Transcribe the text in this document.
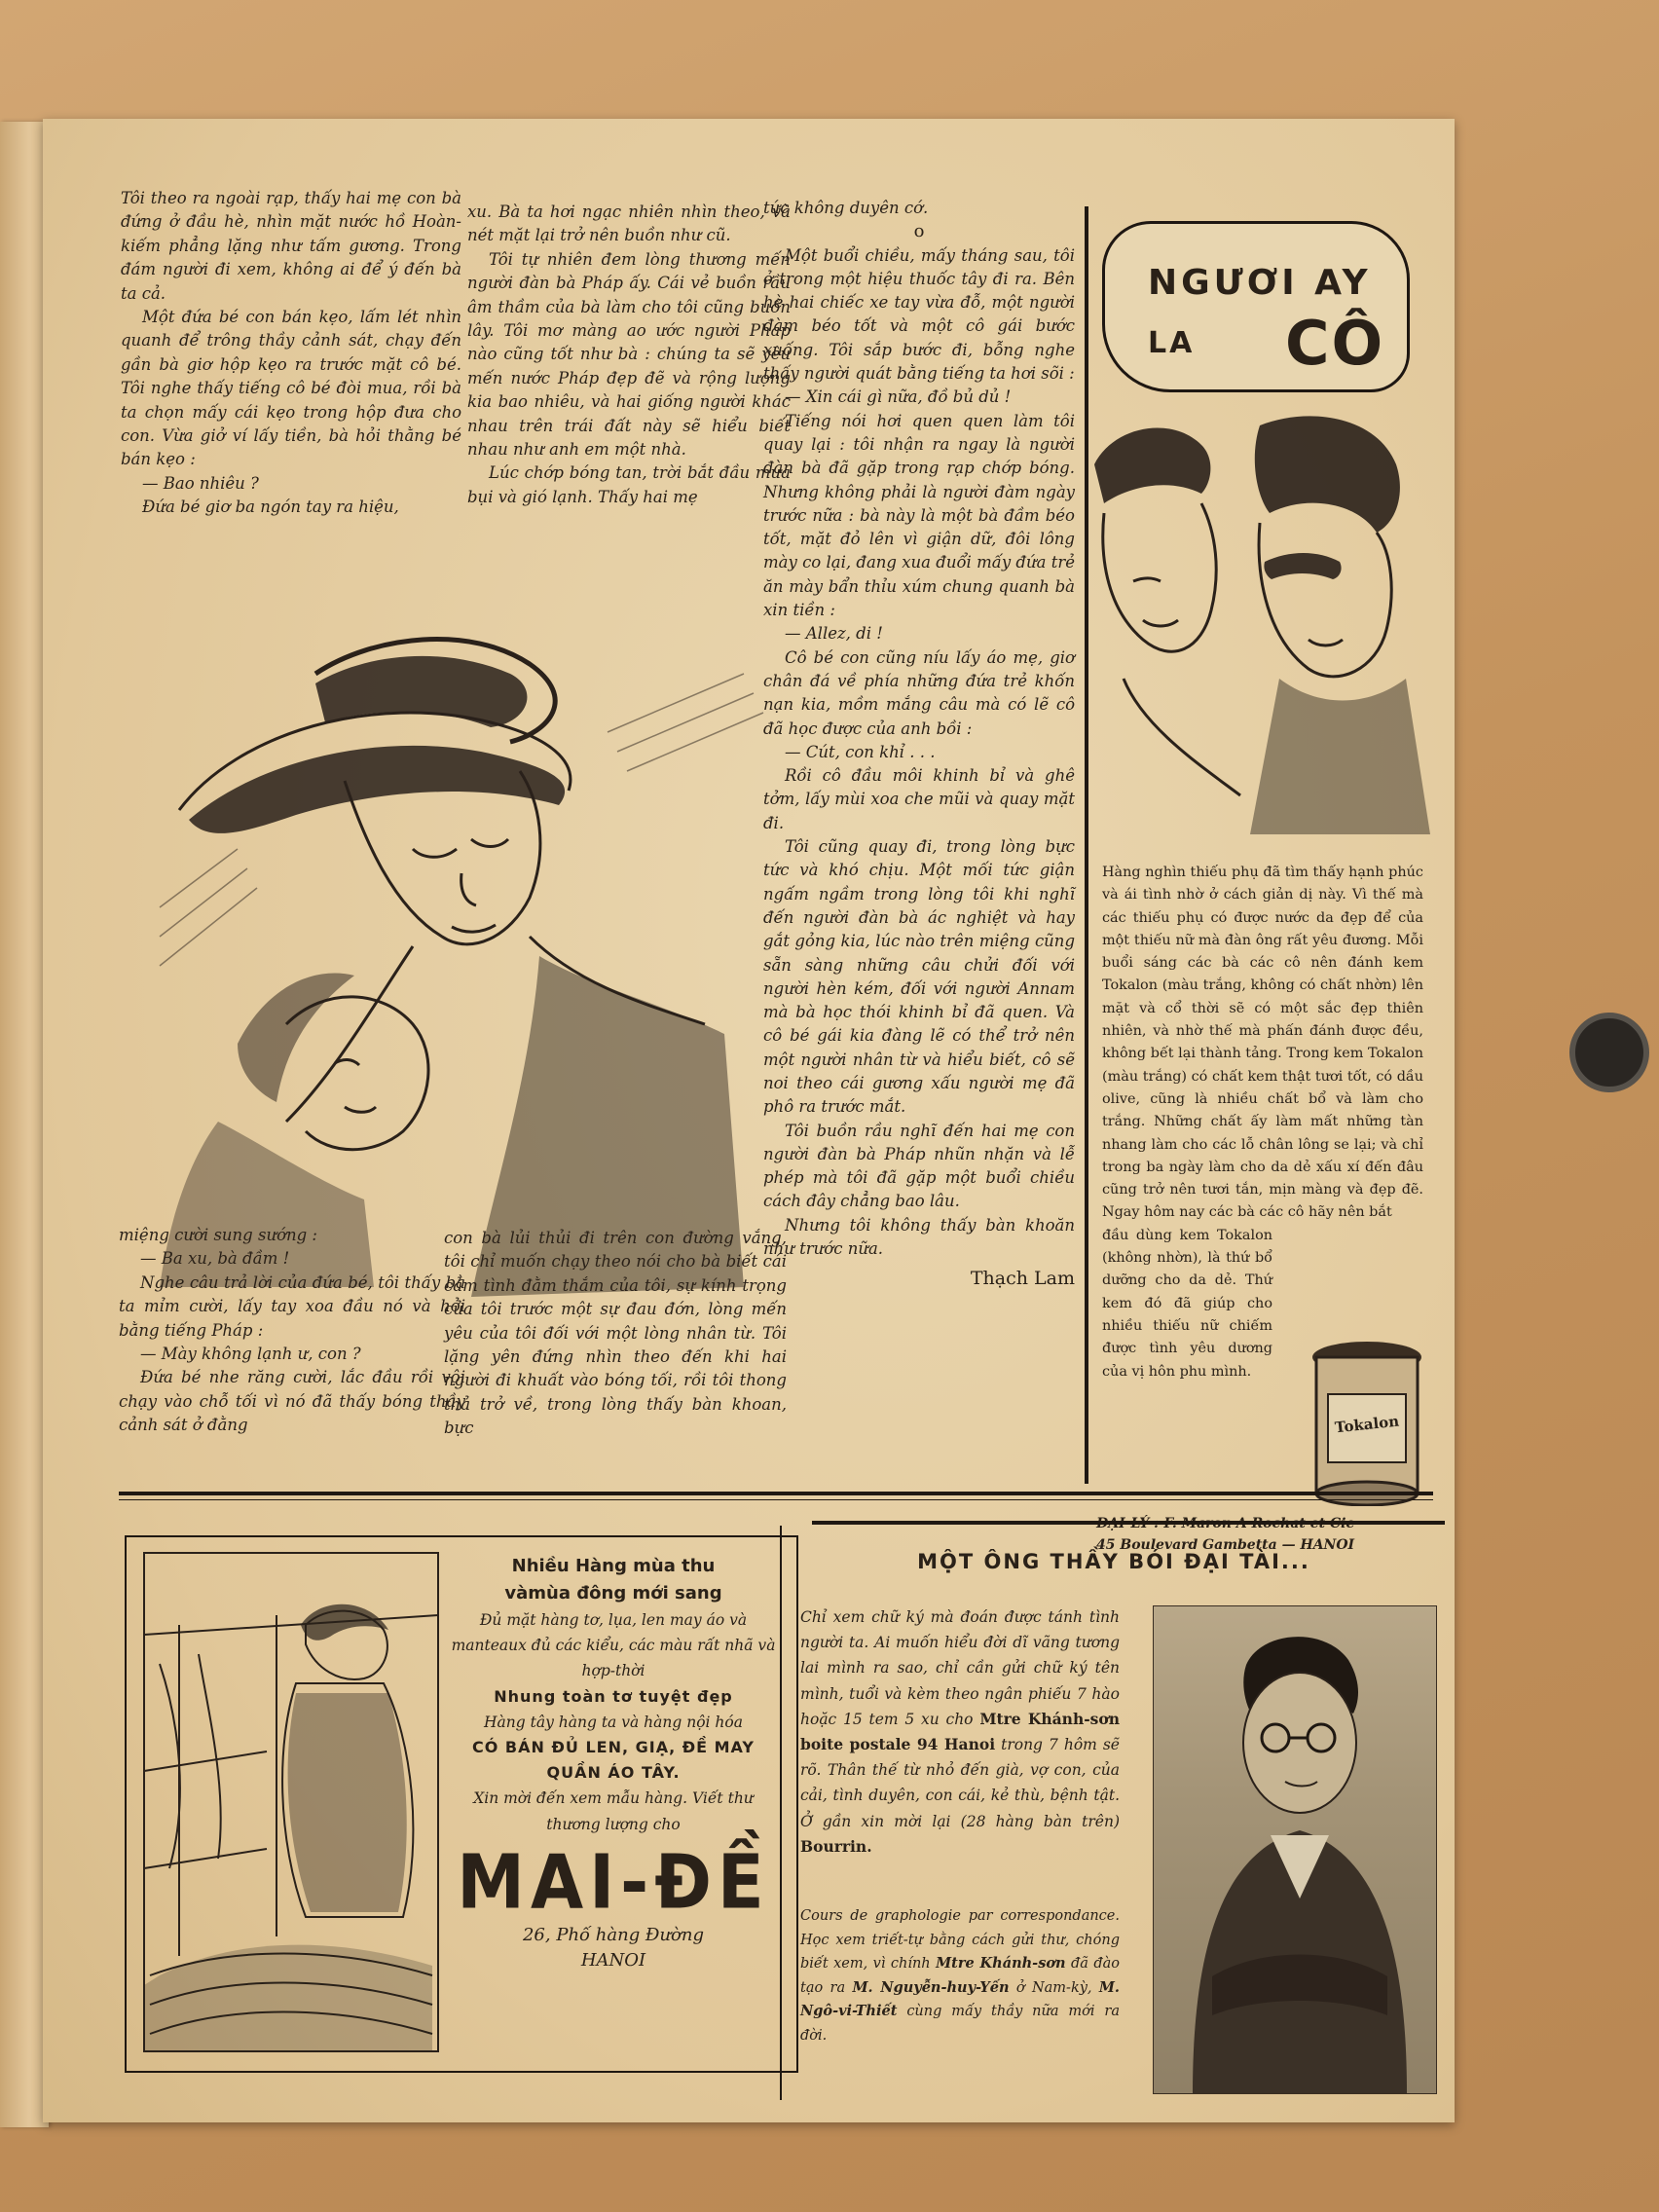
Tôi theo ra ngoài rạp, thấy hai mẹ con bà đứng ở đầu hè, nhìn mặt nước hồ Hoàn-kiếm phẳng lặng như tấm gương. Trong đám người đi xem, không ai để ý đến bà ta cả.

Một đứa bé con bán kẹo, lấm lét nhìn quanh để trông thầy cảnh sát, chạy đến gần bà giơ hộp kẹo ra trước mặt cô bé. Tôi nghe thấy tiếng cô bé đòi mua, rồi bà ta chọn mấy cái kẹo trong hộp đưa cho con. Vừa giở ví lấy tiền, bà hỏi thằng bé bán kẹo :

— Bao nhiêu ?

Đứa bé giơ ba ngón tay ra hiệu,

xu. Bà ta hơi ngạc nhiên nhìn theo, và nét mặt lại trở nên buồn như cũ.

Tôi tự nhiên đem lòng thương mến người đàn bà Pháp ấy. Cái vẻ buồn rầu âm thầm của bà làm cho tôi cũng buồn lây. Tôi mơ màng ao ước người Pháp nào cũng tốt như bà : chúng ta sẽ yêu mến nước Pháp đẹp đẽ và rộng lượng kia bao nhiêu, và hai giống người khác nhau trên trái đất này sẽ hiểu biết nhau như anh em một nhà.

Lúc chớp bóng tan, trời bắt đầu mưa bụi và gió lạnh. Thấy hai mẹ

tức không duyên cớ.

o

Một buổi chiều, mấy tháng sau, tôi ở trong một hiệu thuốc tây đi ra. Bên hè hai chiếc xe tay vừa đỗ, một người đàm béo tốt và một cô gái bước xuống. Tôi sắp bước đi, bỗng nghe thấy người quát bằng tiếng ta hơi sõi :

— Xin cái gì nữa, đồ bủ dủ !

Tiếng nói hơi quen quen làm tôi quay lại : tôi nhận ra ngay là người đàn bà đã gặp trong rạp chớp bóng. Nhưng không phải là người đàm ngày trước nữa : bà này là một bà đầm béo tốt, mặt đỏ lên vì giận dữ, đôi lông mày co lại, đang xua đuổi mấy đứa trẻ ăn mày bẩn thỉu xúm chung quanh bà xin tiền :

— Allez, di !

Cô bé con cũng níu lấy áo mẹ, giơ chân đá về phía những đứa trẻ khốn nạn kia, mồm mắng câu mà có lẽ cô đã học được của anh bồi :

— Cút, con khỉ . . .

Rồi cô đầu môi khinh bỉ và ghê tởm, lấy mùi xoa che mũi và quay mặt đi.

Tôi cũng quay đi, trong lòng bực tức và khó chịu. Một mối tức giận ngấm ngầm trong lòng tôi khi nghĩ đến người đàn bà ác nghiệt và hay gắt gỏng kia, lúc nào trên miệng cũng sẵn sàng những câu chửi đối với người hèn kém, đối với người Annam mà bà học thói khinh bỉ đã quen. Và cô bé gái kia đàng lẽ có thể trở nên một người nhân từ và hiểu biết, cô sẽ noi theo cái gương xấu người mẹ đã phô ra trước mắt.

Tôi buồn rầu nghĩ đến hai mẹ con người đàn bà Pháp nhũn nhặn và lễ phép mà tôi đã gặp một buổi chiều cách đây chẳng bao lâu.

Nhưng tôi không thấy bàn khoăn như trước nữa.

Thạch Lam

miệng cười sung sướng :

— Ba xu, bà đầm !

Nghe câu trả lời của đứa bé, tôi thấy bà ta mỉm cười, lấy tay xoa đầu nó và hỏi bằng tiếng Pháp :

— Mày không lạnh ư, con ?

Đứa bé nhe răng cười, lắc đầu rồi vội chạy vào chỗ tối vì nó đã thấy bóng thầy cảnh sát ở đằng

con bà lủi thủi đi trên con đường vắng, tôi chỉ muốn chạy theo nói cho bà biết cái cảm tình đằm thắm của tôi, sự kính trọng của tôi trước một sự đau đớn, lòng mến yêu của tôi đối với một lòng nhân từ. Tôi lặng yên đứng nhìn theo đến khi hai người đi khuất vào bóng tối, rồi tôi thong thả trở về, trong lòng thấy bàn khoan, bực

NGƯƠI AY
LA CÔ
Hàng nghìn thiếu phụ đã tìm thấy hạnh phúc và ái tình nhờ ở cách giản dị này. Vì thế mà các thiếu phụ có được nước da đẹp để của một thiếu nữ mà đàn ông rất yêu đương. Mỗi buổi sáng các bà các cô nên đánh kem Tokalon (màu trắng, không có chất nhờn) lên mặt và cổ thời sẽ có một sắc đẹp thiên nhiên, và nhờ thế mà phấn đánh được đều, không bết lại thành tảng. Trong kem Tokalon (màu trắng) có chất kem thật tươi tốt, có dầu olive, cũng là nhiều chất bổ và làm cho trắng. Những chất ấy làm mất những tàn nhang làm cho các lỗ chân lông se lại; và chỉ trong ba ngày làm cho da dẻ xấu xí đến đâu cũng trở nên tươi tắn, mịn màng và đẹp đẽ. Ngay hôm nay các bà các cô hãy nên bắt
đầu dùng kem Tokalon (không nhờn), là thứ bổ dưỡng cho da dẻ. Thứ kem đó đã giúp cho nhiều thiếu nữ chiếm được tình yêu dương của vị hôn phu mình.
Tokalon
45 Boulevard Gambetta — HANOI
Nhiều Hàng mùa thu
vàmùa đông mới sang
Đủ mặt hàng tơ, lụa, len may áo và manteaux đủ các kiểu, các màu rất nhã và hợp-thời
Nhung toàn tơ tuyệt đẹp
Hàng tây hàng ta và hàng nội hóa
CÓ BÁN ĐỦ LEN, GIẠ, ĐỀ MAY QUẦN ÁO TÂY.
Xin mời đến xem mẫu hàng. Viết thư thương lượng cho
MAI-ĐỀ
26, Phố hàng Đường
HANOI
MỘT ÔNG THẦY BÓI ĐẠI TÀI...
Chỉ xem chữ ký mà đoán được tánh tình người ta. Ai muốn hiểu đời dĩ vãng tương lai mình ra sao, chỉ cần gửi chữ ký tên mình, tuổi và kèm theo ngân phiếu 7 hào hoặc 15 tem 5 xu cho Mtre Khánh-sơn boite postale 94 Hanoi trong 7 hôm sẽ rõ. Thân thế từ nhỏ đến già, vợ con, của cải, tình duyên, con cái, kẻ thù, bệnh tật. Ở gần xin mời lại (28 hàng bàn trên) Bourrin.
Cours de graphologie par correspondance. Học xem triết-tự bằng cách gửi thư, chóng biết xem, vì chính Mtre Khánh-sơn đã đào tạo ra M. Nguyễn-huy-Yến ở Nam-kỳ, M. Ngô-vi-Thiết cùng mấy thầy nữa mới ra đời.
